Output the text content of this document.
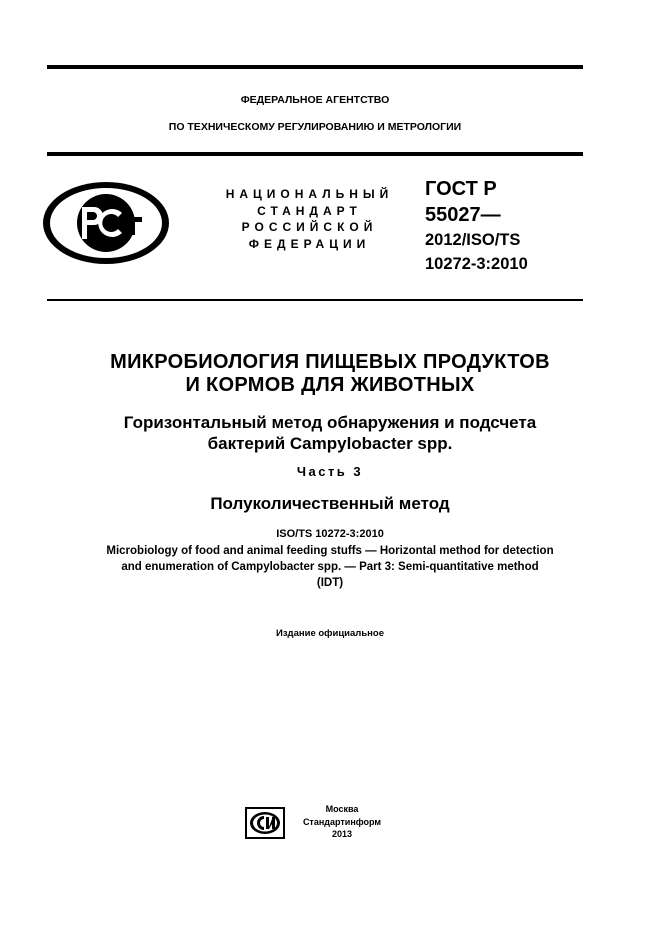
ФЕДЕРАЛЬНОЕ АГЕНТСТВО
ПО ТЕХНИЧЕСКОМУ РЕГУЛИРОВАНИЮ И МЕТРОЛОГИИ
НАЦИОНАЛЬНЫЙ
СТАНДАРТ
РОССИЙСКОЙ
ФЕДЕРАЦИИ
ГОСТ Р
55027—
2012/ISO/TS
10272-3:2010
МИКРОБИОЛОГИЯ ПИЩЕВЫХ ПРОДУКТОВ
И КОРМОВ ДЛЯ ЖИВОТНЫХ
Горизонтальный метод обнаружения и подсчета
бактерий Campylobacter spp.
Часть 3
Полуколичественный метод
ISO/TS 10272-3:2010
Microbiology of food and animal feeding stuffs — Horizontal method for detection
and enumeration of Campylobacter spp. — Part 3: Semi-quantitative method
(IDT)
Издание официальное
Москва
Стандартинформ
2013
